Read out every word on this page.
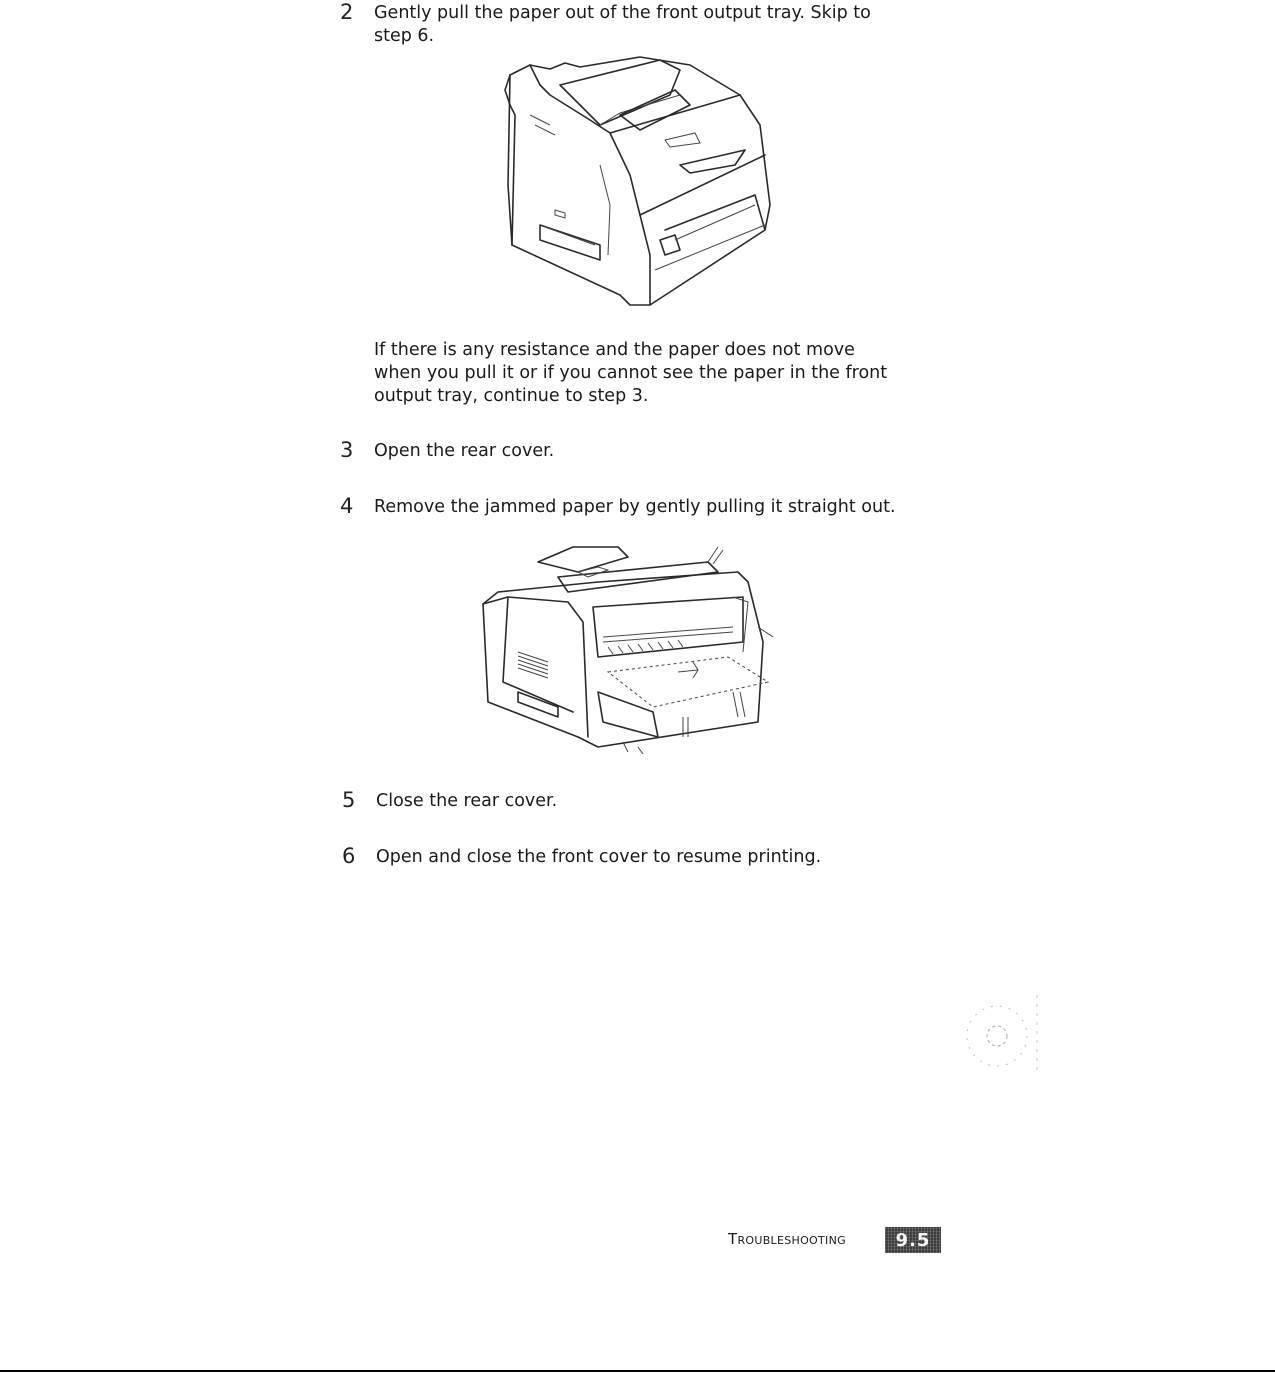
2 Gently pull the paper out of the front output tray. Skip to
step 6.
If there is any resistance and the paper does not move
when you pull it or if you cannot see the paper in the front
output tray, continue to step 3.
3 Open the rear cover.
4 Remove the jammed paper by gently pulling it straight out.
5 Close the rear cover.
6 Open and close the front cover to resume printing.
Troubleshooting	9.5
